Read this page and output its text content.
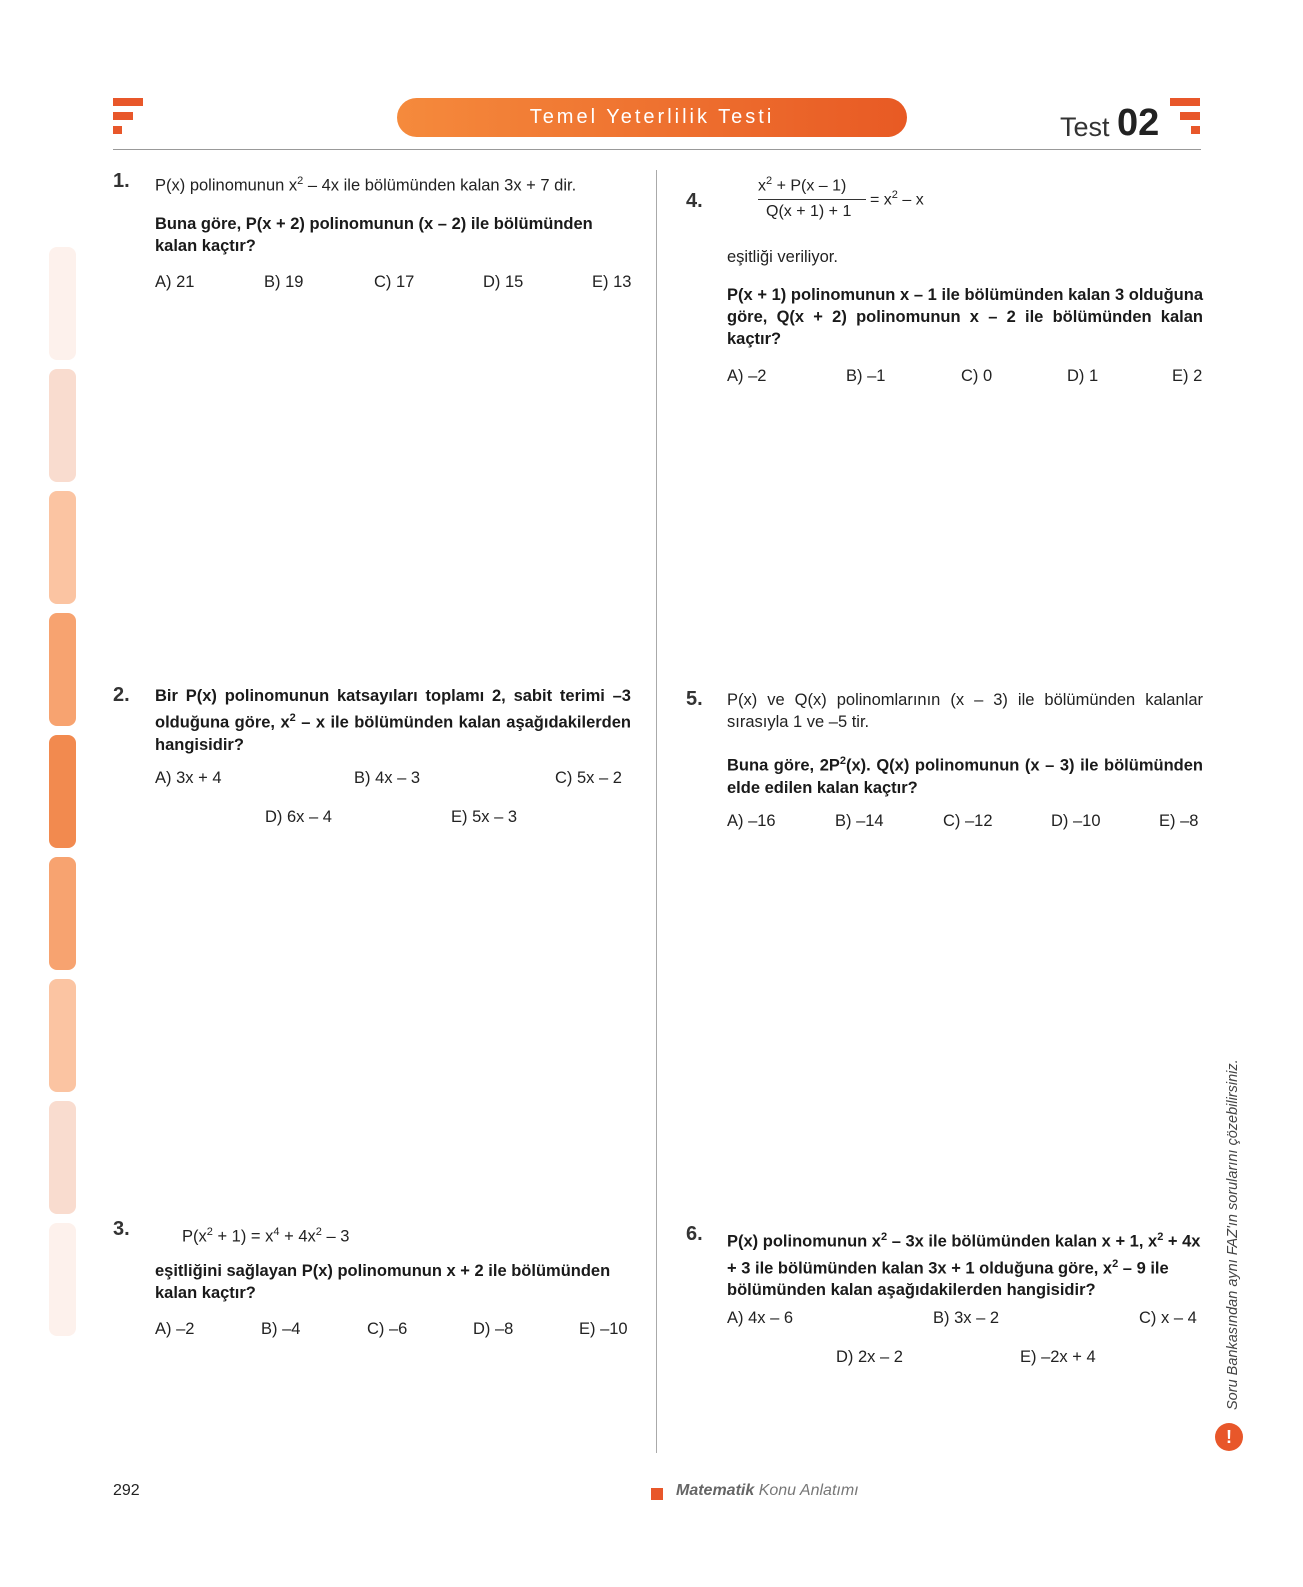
Temel Yeterlilik Testi	Test 02
1. P(x) polinomunun $x^2 - 4x$ ile bölümünden kalan 3x + 7 dir.

Buna göre, P(x + 2) polinomunun (x – 2) ile bölümünden kalan kaçtır?

A) 21	B) 19	C) 17	D) 15	E) 13
2. Bir P(x) polinomunun katsayıları toplamı 2, sabit terimi –3 olduğuna göre, $x^2$ – x ile bölümünden kalan aşağıdakilerden hangisidir?
A) 3x + 4	B) 4x – 3	C) 5x – 2
D) 6x – 4	E) 5x – 3
3.	$P(x^2 + 1) = x^4 + 4x^2 - 3$
eşitliğini sağlayan P(x) polinomunun x + 2 ile bölümünden kalan kaçtır?
A) –2	B) –4	C) –6	D) –8	E) –10
4.
$x^2 + P(x - 1)$
Q(x + 1) + 1
= $x^2$ – x
eşitliği veriliyor.
P(x + 1) polinomunun x – 1 ile bölümünden kalan 3 olduğuna göre, Q(x + 2) polinomunun x – 2 ile bölümünden kalan kaçtır?
A) –2	B) –1	C) 0	D) 1	E) 2
5. P(x) ve Q(x) polinomlarının (x – 3) ile bölümünden kalanlar sırasıyla 1 ve –5 tir.
Buna göre, $2P^2(x)$. Q(x) polinomunun (x – 3) ile bölümünden elde edilen kalan kaçtır?
A) –16	B) –14	C) –12	D) –10	E) –8
6. P(x) polinomunun $x^2 - 3x$ ile bölümünden kalan x + 1, $x^2 + 4x + 3$ ile bölümünden kalan 3x + 1 olduğuna göre, $x^2 - 9$ ile bölümünden kalan aşağıdakilerden hangisidir?
A) 4x – 6	B) 3x – 2	C) x – 4
D) 2x – 2	E) –2x + 4	Soru Bankasından aynı FAZ'ın sorularını çözebilirsiniz.
!
292	Matematik Konu Anlatımı
